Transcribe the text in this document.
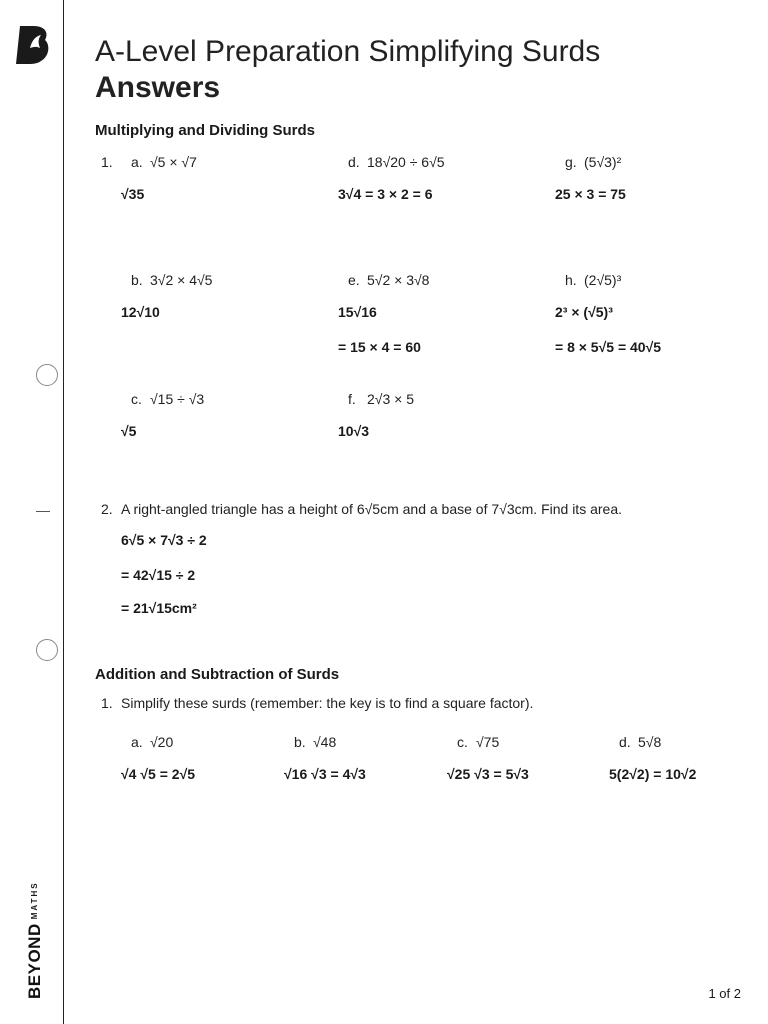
BEYONDMATHS
A-Level Preparation Simplifying Surds
Answers
Multiplying and Dividing Surds
1. a. √5 × √7
√35
d. 18√20 ÷ 6√5
3√4 = 3 × 2 = 6
g. (5√3)²
25 × 3 = 75
b. 3√2 × 4√5
12√10
e. 5√2 × 3√8
15√16
= 15 × 4 = 60
h. (2√5)³
2³ × (√5)³
= 8 × 5√5 = 40√5
c. √15 ÷ √3
√5
f. 2√3 × 5
10√3
2. A right-angled triangle has a height of 6√5cm and a base of 7√3cm. Find its area.
6√5 × 7√3 ÷ 2
= 42√15 ÷ 2
= 21√15cm²
Addition and Subtraction of Surds
1. Simplify these surds (remember: the key is to find a square factor).
a. √20
√4 √5 = 2√5
b. √48
√16 √3 = 4√3
c. √75
√25 √3 = 5√3
d. 5√8
5(2√2) = 10√2
1 of 2
